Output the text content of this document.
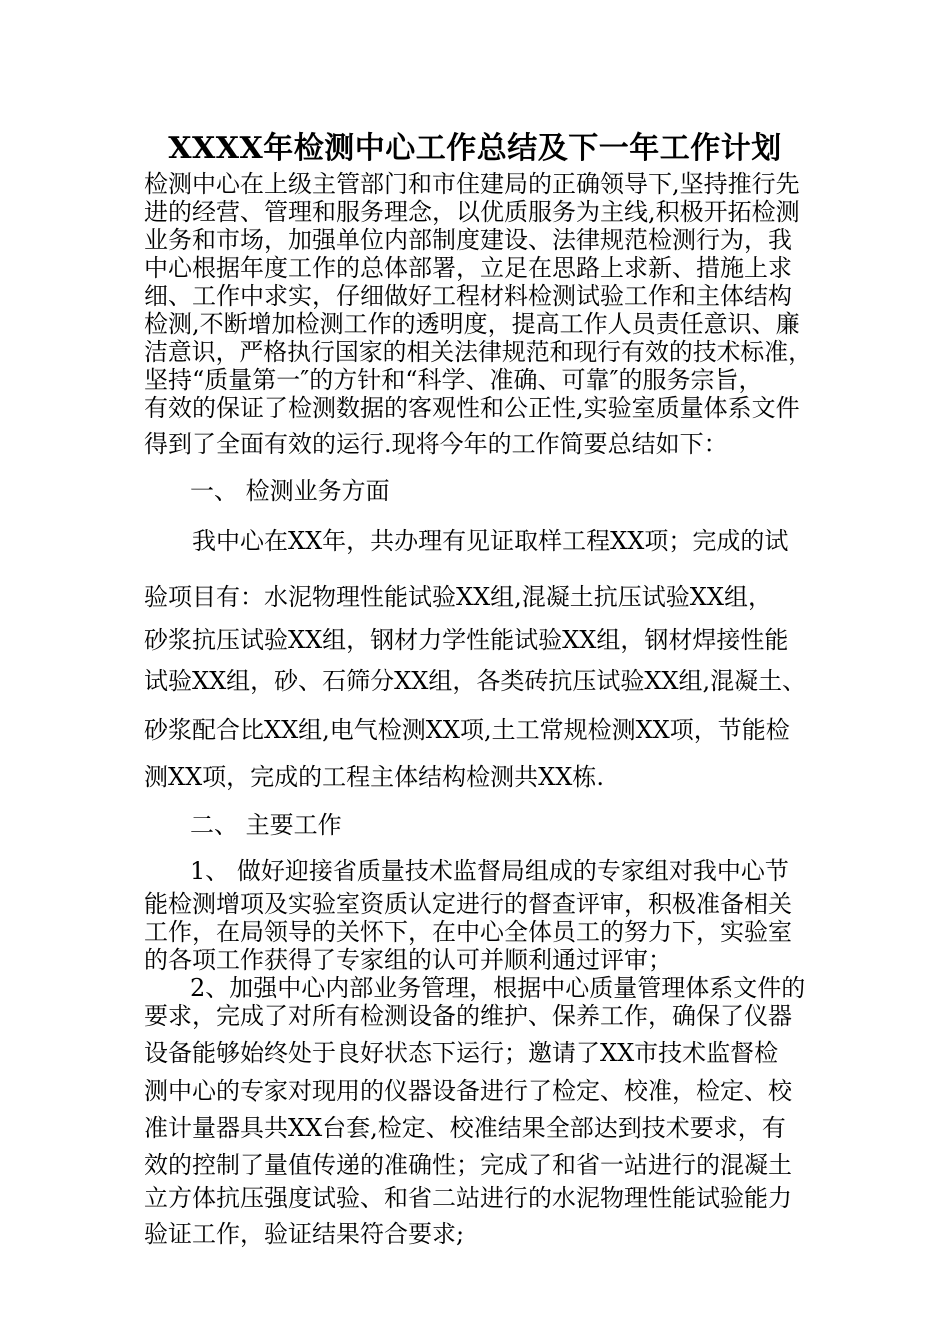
XXXX年检测中心工作总结及下一年工作计划
检测中心在上级主管部门和市住建局的正确领导下,坚持推行先
进的经营、管理和服务理念，以优质服务为主线,积极开拓检测
业务和市场，加强单位内部制度建设、法律规范检测行为，我
中心根据年度工作的总体部署，立足在思路上求新、措施上求
细、工作中求实，仔细做好工程材料检测试验工作和主体结构
检测,不断增加检测工作的透明度，提高工作人员责任意识、廉
洁意识，严格执行国家的相关法律规范和现行有效的技术标准，
坚持“质量第一″的方针和“科学、准确、可靠″的服务宗旨，
有效的保证了检测数据的客观性和公正性,实验室质量体系文件
得到了全面有效的运行.现将今年的工作简要总结如下：
一、 检测业务方面
我中心在XX年，共办理有见证取样工程XX项；完成的试
验项目有：水泥物理性能试验XX组,混凝土抗压试验XX组，
砂浆抗压试验XX组，钢材力学性能试验XX组，钢材焊接性能
试验XX组，砂、石筛分XX组，各类砖抗压试验XX组,混凝土、
砂浆配合比XX组,电气检测XX项,土工常规检测XX项，节能检
测XX项，完成的工程主体结构检测共XX栋.
二、 主要工作
1、 做好迎接省质量技术监督局组成的专家组对我中心节
能检测增项及实验室资质认定进行的督查评审，积极准备相关
工作，在局领导的关怀下，在中心全体员工的努力下，实验室
的各项工作获得了专家组的认可并顺利通过评审；
2、加强中心内部业务管理，根据中心质量管理体系文件的
要求，完成了对所有检测设备的维护、保养工作，确保了仪器
设备能够始终处于良好状态下运行；邀请了XX市技术监督检
测中心的专家对现用的仪器设备进行了检定、校准，检定、校
准计量器具共XX台套,检定、校准结果全部达到技术要求，有
效的控制了量值传递的准确性；完成了和省一站进行的混凝土
立方体抗压强度试验、和省二站进行的水泥物理性能试验能力
验证工作，验证结果符合要求;
